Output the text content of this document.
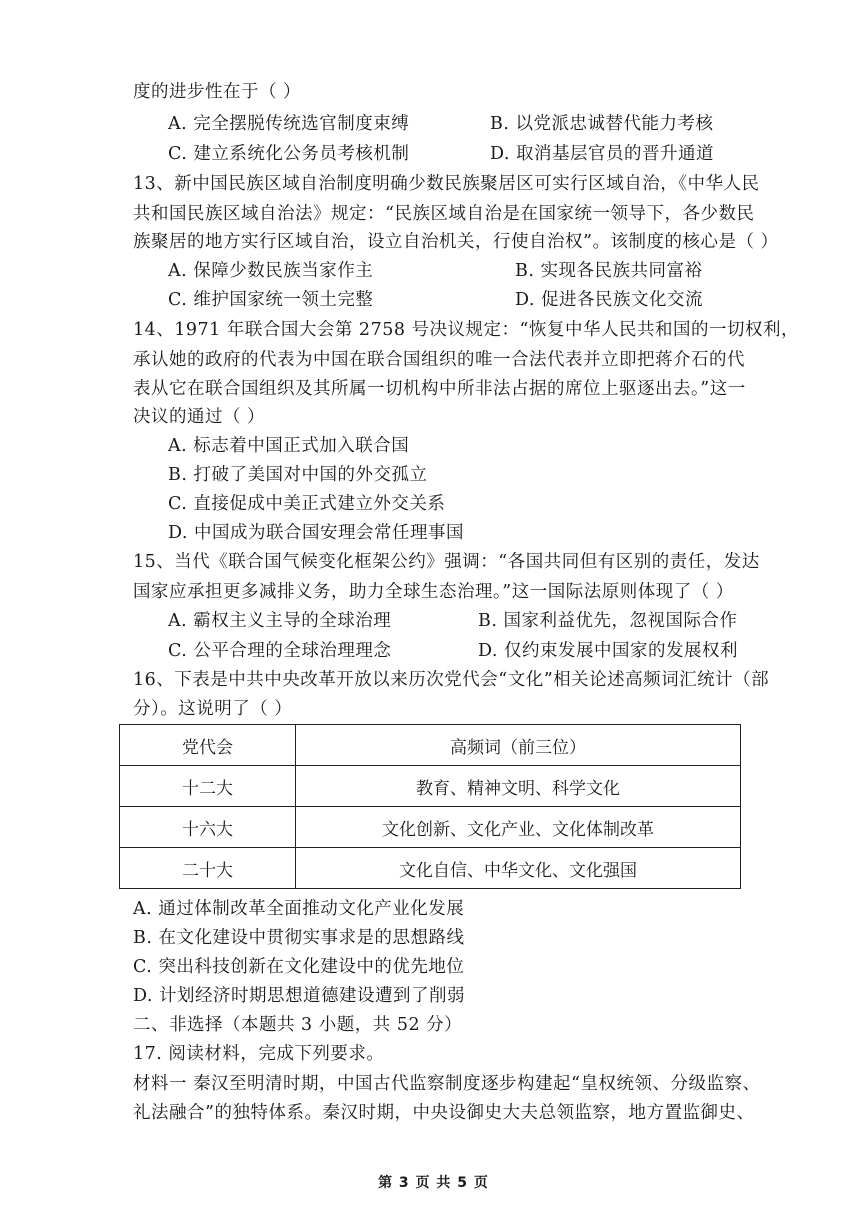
度的进步性在于（ ）
A. 完全摆脱传统选官制度束缚	B. 以党派忠诚替代能力考核
C. 建立系统化公务员考核机制	D. 取消基层官员的晋升通道
13、新中国民族区域自治制度明确少数民族聚居区可实行区域自治，《中华人民
共和国民族区域自治法》规定：“民族区域自治是在国家统一领导下，各少数民
族聚居的地方实行区域自治，设立自治机关，行使自治权”。该制度的核心是（ ）
A. 保障少数民族当家作主	B. 实现各民族共同富裕
C. 维护国家统一领土完整	D. 促进各民族文化交流
14、1971 年联合国大会第 2758 号决议规定：“恢复中华人民共和国的一切权利，
承认她的政府的代表为中国在联合国组织的唯一合法代表并立即把蒋介石的代
表从它在联合国组织及其所属一切机构中所非法占据的席位上驱逐出去。”这一
决议的通过（ ）
A. 标志着中国正式加入联合国
B. 打破了美国对中国的外交孤立
C. 直接促成中美正式建立外交关系
D. 中国成为联合国安理会常任理事国
15、当代《联合国气候变化框架公约》强调：“各国共同但有区别的责任，发达
国家应承担更多减排义务，助力全球生态治理。”这一国际法原则体现了（ ）
A. 霸权主义主导的全球治理	B. 国家利益优先，忽视国际合作
C. 公平合理的全球治理理念	D. 仅约束发展中国家的发展权利
16、下表是中共中央改革开放以来历次党代会“文化”相关论述高频词汇统计（部
分）。这说明了（ ）
党代会	高频词（前三位）
十二大	教育、精神文明、科学文化
十六大	文化创新、文化产业、文化体制改革
二十大	文化自信、中华文化、文化强国
A. 通过体制改革全面推动文化产业化发展
B. 在文化建设中贯彻实事求是的思想路线
C. 突出科技创新在文化建设中的优先地位
D. 计划经济时期思想道德建设遭到了削弱
二、非选择（本题共 3 小题，共 52 分）
17. 阅读材料，完成下列要求。
材料一 秦汉至明清时期，中国古代监察制度逐步构建起“皇权统领、分级监察、
礼法融合”的独特体系。秦汉时期，中央设御史大夫总领监察，地方置监御史、
第 3 页 共 5 页
